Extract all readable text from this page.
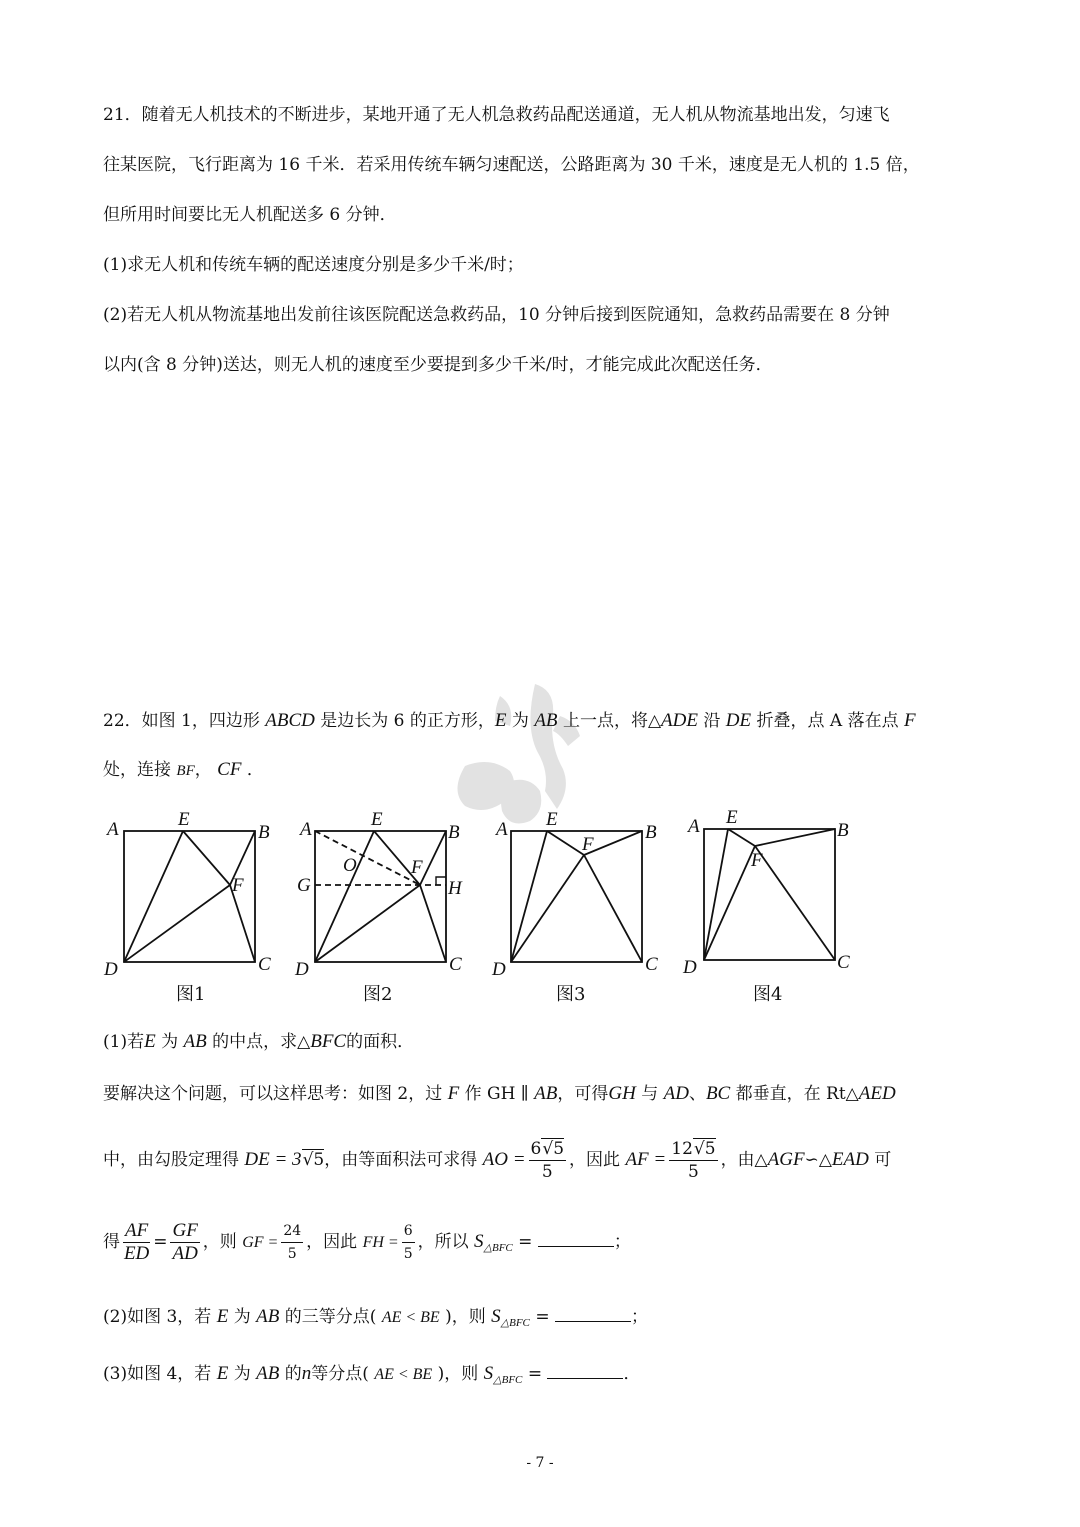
21．随着无人机技术的不断进步，某地开通了无人机急救药品配送通道，无人机从物流基地出发，匀速飞
往某医院，飞行距离为 16 千米．若采用传统车辆匀速配送，公路距离为 30 千米，速度是无人机的 1.5 倍，
但所用时间要比无人机配送多 6 分钟．
(1)求无人机和传统车辆的配送速度分别是多少千米/时；
(2)若无人机从物流基地出发前往该医院配送急救药品，10 分钟后接到医院通知，急救药品需要在 8 分钟
以内(含 8 分钟)送达，则无人机的速度至少要提到多少千米/时，才能完成此次配送任务．
22．如图 1，四边形 ABCD 是边长为 6 的正方形，E 为 AB 上一点，将△ADE 沿 DE 折叠，点 A 落在点 F
处，连接 BF， CF ．
A	E
B
F
C
D
图1
A	E
B
O	F
G	H
C
D
图2
A E
B
F
C
D
图3
A E
B
F
C
D
图4
(1)若E 为 AB 的中点，求△BFC的面积．
要解决这个问题，可以这样思考：如图 2，过 F 作 GH ∥ AB，可得GH 与 AD、BC 都垂直，在 Rt△AED
中，由勾股定理得 DE = 3√5，由等面积法可求得 AO = $\frac{6√5}{5}$ ，因此 AF = $\frac{12√5}{5}$ ，由△AGF∽△EAD 可
得 $\frac{AF}{ED} = \frac{GF}{AD}$ ，则 GF = $\frac{24}{5}$ ，因此 FH = $\frac{6}{5}$ ，所以 $S_{\triangle BFC}$ =	；
(2)如图 3，若 E 为 AB 的三等分点( AE < BE )，则 $S_{\triangle BFC}$ =	；
(3)如图 4，若 E 为 AB 的n等分点( AE < BE )，则 $S_{\triangle BFC}$ =	．
- 7 -
